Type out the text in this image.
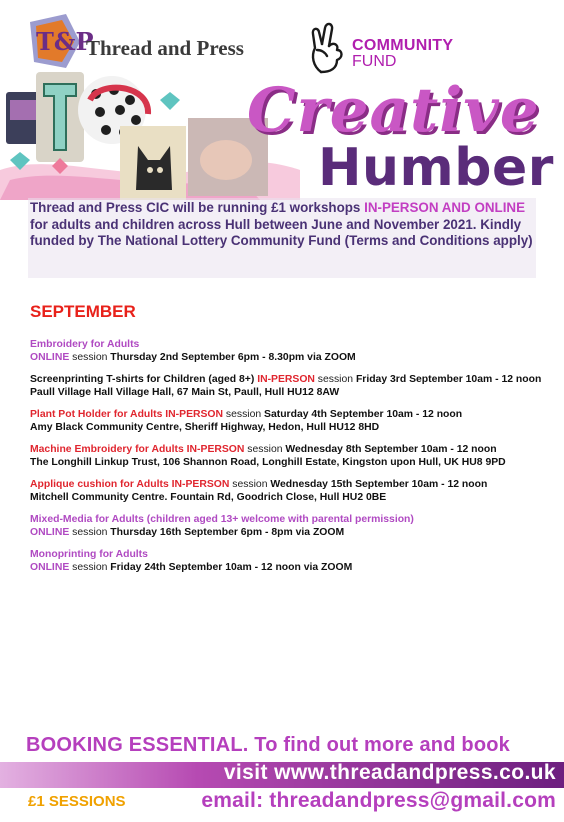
T&P
Thread and Press	COMMUNITY
FUND
Creative
Humber
Thread and Press CIC will be running £1 workshops IN-PERSON AND ONLINE for adults and children across Hull between June and November 2021. Kindly funded by The National Lottery Community Fund (Terms and Conditions apply)
SEPTEMBER
Embroidery for Adults
ONLINE session Thursday 2nd September 6pm - 8.30pm via ZOOM
Screenprinting T-shirts for Children (aged 8+) IN-PERSON session Friday 3rd September 10am - 12 noon
Paull Village Hall Village Hall, 67 Main St, Paull, Hull HU12 8AW
Plant Pot Holder for Adults IN-PERSON session Saturday 4th September 10am - 12 noon
Amy Black Community Centre, Sheriff Highway, Hedon, Hull HU12 8HD
Machine Embroidery for Adults IN-PERSON session Wednesday 8th September 10am - 12 noon
The Longhill Linkup Trust, 106 Shannon Road, Longhill Estate, Kingston upon Hull, UK HU8 9PD
Applique cushion for Adults IN-PERSON session Wednesday 15th September 10am - 12 noon
Mitchell Community Centre. Fountain Rd, Goodrich Close, Hull HU2 0BE
Mixed-Media for Adults (children aged 13+ welcome with parental permission)
ONLINE session Thursday 16th September 6pm - 8pm via ZOOM
Monoprinting for Adults
ONLINE session Friday 24th September 10am - 12 noon via ZOOM
BOOKING ESSENTIAL. To find out more and book
visit www.threadandpress.co.uk
£1 SESSIONS	email: threadandpress@gmail.com
